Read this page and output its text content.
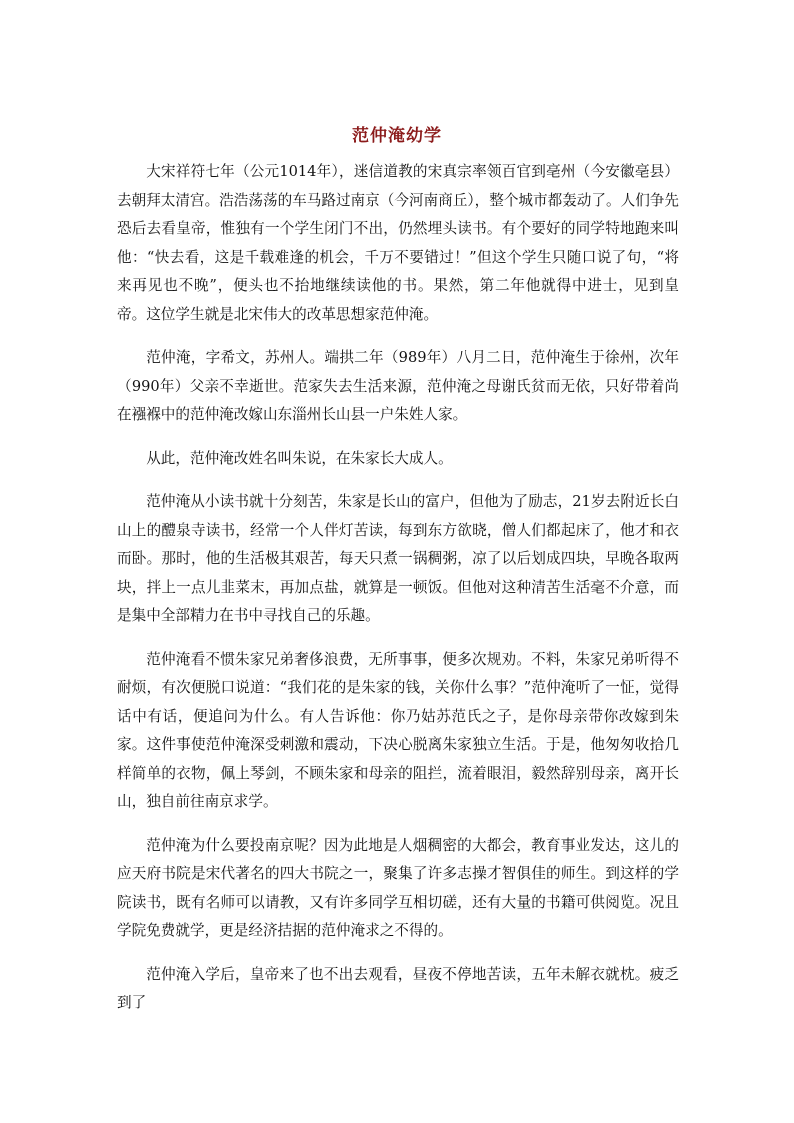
范仲淹幼学

大宋祥符七年（公元1014年），迷信道教的宋真宗率领百官到亳州（今安徽亳县）去朝拜太清宫。浩浩荡荡的车马路过南京（今河南商丘），整个城市都轰动了。人们争先恐后去看皇帝，惟独有一个学生闭门不出，仍然埋头读书。有个要好的同学特地跑来叫他：“快去看，这是千载难逢的机会，千万不要错过！”但这个学生只随口说了句，“将来再见也不晚”，便头也不抬地继续读他的书。果然，第二年他就得中进士，见到皇帝。这位学生就是北宋伟大的改革思想家范仲淹。

范仲淹，字希文，苏州人。端拱二年（989年）八月二日，范仲淹生于徐州，次年（990年）父亲不幸逝世。范家失去生活来源，范仲淹之母谢氏贫而无依，只好带着尚在襁褓中的范仲淹改嫁山东淄州长山县一户朱姓人家。

从此，范仲淹改姓名叫朱说，在朱家长大成人。

范仲淹从小读书就十分刻苦，朱家是长山的富户，但他为了励志，21岁去附近长白山上的醴泉寺读书，经常一个人伴灯苦读，每到东方欲晓，僧人们都起床了，他才和衣而卧。那时，他的生活极其艰苦，每天只煮一锅稠粥，凉了以后划成四块，早晚各取两块，拌上一点儿韭菜末，再加点盐，就算是一顿饭。但他对这种清苦生活毫不介意，而是集中全部精力在书中寻找自己的乐趣。

范仲淹看不惯朱家兄弟奢侈浪费，无所事事，便多次规劝。不料，朱家兄弟听得不耐烦，有次便脱口说道：“我们花的是朱家的钱，关你什么事？”范仲淹听了一怔，觉得话中有话，便追问为什么。有人告诉他：你乃姑苏范氏之子，是你母亲带你改嫁到朱家。这件事使范仲淹深受刺激和震动，下决心脱离朱家独立生活。于是，他匆匆收拾几样简单的衣物，佩上琴剑，不顾朱家和母亲的阻拦，流着眼泪，毅然辞别母亲，离开长山，独自前往南京求学。

范仲淹为什么要投南京呢？因为此地是人烟稠密的大都会，教育事业发达，这儿的应天府书院是宋代著名的四大书院之一，聚集了许多志操才智俱佳的师生。到这样的学院读书，既有名师可以请教，又有许多同学互相切磋，还有大量的书籍可供阅览。况且学院免费就学，更是经济拮据的范仲淹求之不得的。

范仲淹入学后，皇帝来了也不出去观看，昼夜不停地苦读，五年未解衣就枕。疲乏到了
